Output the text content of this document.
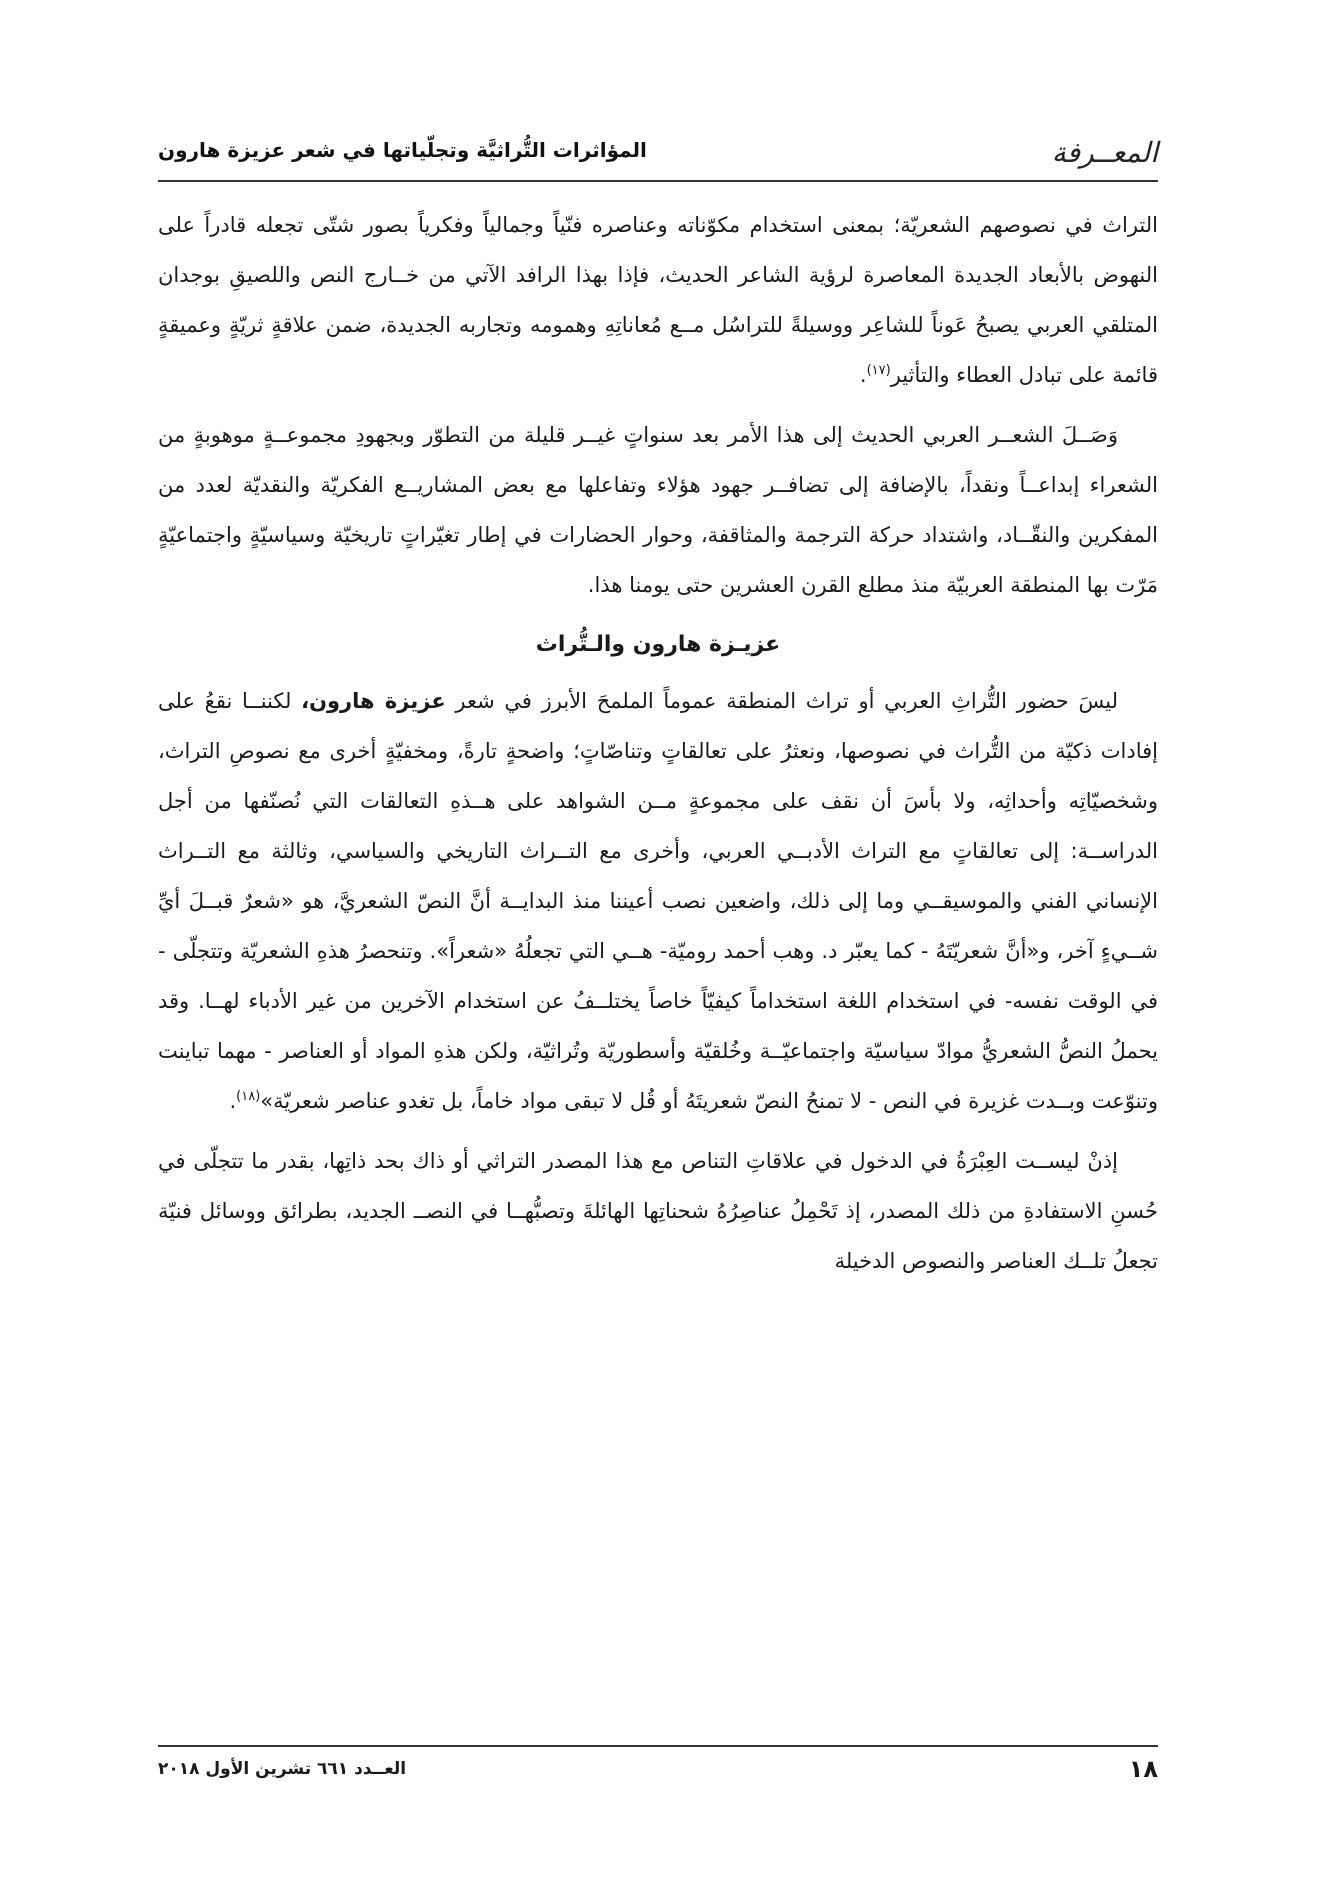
المعــرفة
المؤاثرات التُّراثيَّة وتجلّياتها في شعر عزيزة هارون

التراث في نصوصهم الشعريّة؛ بمعنى استخدام مكوّناته وعناصره فنّياً وجمالياً وفكرياً بصور شتّى تجعله قادراً على النهوض بالأبعاد الجديدة المعاصرة لرؤية الشاعر الحديث، فإذا بهذا الرافد الآتي من خــارج النص واللصيقِ بوجدان المتلقي العربي يصبحُ عَوناً للشاعِر ووسيلةً للتراسُل مــع مُعاناتِهِ وهمومه وتجاربه الجديدة، ضمن علاقةٍ ثريّةٍ وعميقةٍ قائمة على تبادل العطاء والتأثير$^{(١٧)}$.

وَصَــلَ الشعــر العربي الحديث إلى هذا الأمر بعد سنواتٍ غيــر قليلة من التطوّر وبجهودِ مجموعــةٍ موهوبةٍ من الشعراء إبداعــاً ونقداً، بالإضافة إلى تضافــر جهود هؤلاء وتفاعلها مع بعض المشاريــع الفكريّة والنقديّة لعدد من المفكرين والنقّــاد، واشتداد حركة الترجمة والمثاقفة، وحوار الحضارات في إطار تغيّراتٍ تاريخيّة وسياسيّةٍ واجتماعيّةٍ مَرّت بها المنطقة العربيّة منذ مطلع القرن العشرين حتى يومنا هذا.

عزيـزة هارون والـتُّراث

ليسَ حضور التُّراثِ العربي أو تراث المنطقة عموماً الملمحَ الأبرز في شعر عزيزة هارون، لكننــا نقعُ على إفادات ذكيّة من التُّراث في نصوصها، ونعثرُ على تعالقاتٍ وتناصّاتٍ؛ واضحةٍ تارةً، ومخفيّةٍ أخرى مع نصوصِ التراث، وشخصيّاتِه وأحداثِه، ولا بأسَ أن نقف على مجموعةٍ مــن الشواهد على هــذهِ التعالقات التي نُصنّفها من أجل الدراســة: إلى تعالقاتٍ مع التراث الأدبــي العربي، وأخرى مع التــراث التاريخي والسياسي، وثالثة مع التــراث الإنساني الفني والموسيقــي وما إلى ذلك، واضعين نصب أعيننا منذ البدايــة أنَّ النصّ الشعريَّ، هو «شعرٌ قبــلَ أيِّ شــيءٍ آخر، و«أنَّ شعريّتَهُ - كما يعبّر د. وهب أحمد روميّة- هــي التي تجعلُهُ «شعراً». وتنحصرُ هذهِ الشعريّة وتتجلّى - في الوقت نفسه- في استخدام اللغة استخداماً كيفيّاً خاصاً يختلــفُ عن استخدام الآخرين من غير الأدباء لهــا. وقد يحملُ النصُّ الشعريُّ موادّ سياسيّة واجتماعيّــة وخُلقيّة وأسطوريّة وتُراثيّة، ولكن هذهِ المواد أو العناصر - مهما تباينت وتنوّعت وبــدت غزيرة في النص - لا تمنحُ النصّ شعريتَهُ أو قُل لا تبقى مواد خاماً، بل تغدو عناصر شعريّة»$^{(١٨)}$.

إذنْ ليســت العِبْرَةُ في الدخول في علاقاتِ التناص مع هذا المصدر التراثي أو ذاك بحد ذاتِها، بقدر ما تتجلّى في حُسنِ الاستفادةِ من ذلك المصدر، إذ تَحْمِلُ عناصِرُهُ شحناتِها الهائلةَ وتصبُّهــا في النصــ الجديد، بطرائق ووسائل فنيّة تجعلُ تلــك العناصر والنصوص الدخيلة

١٨
العــدد ٦٦١ تشرين الأول ٢٠١٨
